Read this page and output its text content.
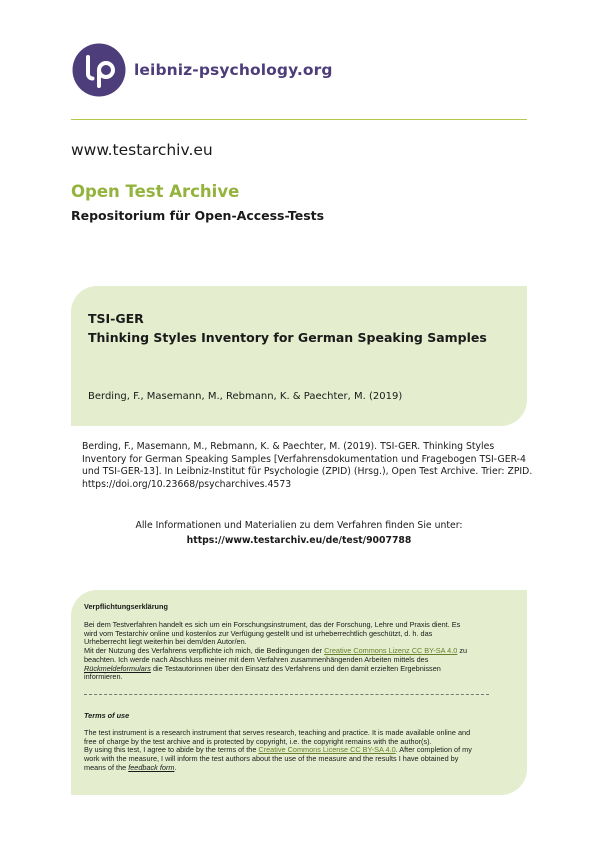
leibniz-psychology.org
www.testarchiv.eu
Open Test Archive
Repositorium für Open-Access-Tests
TSI-GER
Thinking Styles Inventory for German Speaking Samples
Berding, F., Masemann, M., Rebmann, K. & Paechter, M. (2019)
Berding, F., Masemann, M., Rebmann, K. & Paechter, M. (2019). TSI-GER. Thinking Styles
Inventory for German Speaking Samples [Verfahrensdokumentation und Fragebogen TSI-GER-4
und TSI-GER-13]. In Leibniz-Institut für Psychologie (ZPID) (Hrsg.), Open Test Archive. Trier: ZPID.
https://doi.org/10.23668/psycharchives.4573
Alle Informationen und Materialien zu dem Verfahren finden Sie unter:
https://www.testarchiv.eu/de/test/9007788
Verpflichtungserklärung
Bei dem Testverfahren handelt es sich um ein Forschungsinstrument, das der Forschung, Lehre und Praxis dient. Es
wird vom Testarchiv online und kostenlos zur Verfügung gestellt und ist urheberrechtlich geschützt, d. h. das
Urheberrecht liegt weiterhin bei dem/den Autor/en.
Mit der Nutzung des Verfahrens verpflichte ich mich, die Bedingungen der Creative Commons Lizenz CC BY-SA 4.0 zu
beachten. Ich werde nach Abschluss meiner mit dem Verfahren zusammenhängenden Arbeiten mittels des
Rückmeldeformulars die Testautorinnen über den Einsatz des Verfahrens und den damit erzielten Ergebnissen
informieren.
Terms of use
The test instrument is a research instrument that serves research, teaching and practice. It is made available online and
free of charge by the test archive and is protected by copyright, i.e. the copyright remains with the author(s).
By using this test, I agree to abide by the terms of the Creative Commons License CC BY-SA 4.0. After completion of my
work with the measure, I will inform the test authors about the use of the measure and the results I have obtained by
means of the feedback form.
